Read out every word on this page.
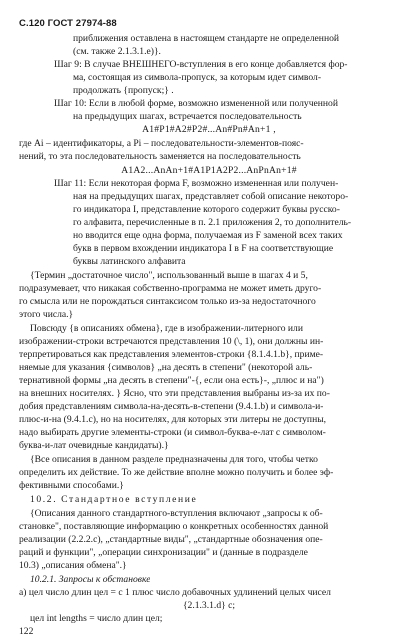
С.120 ГОСТ 27974-88
приближения оставлена в настоящем стандарте не определенной
(см. также 2.1.3.1.e)}.
Шаг 9: В случае ВНЕШНЕГО-вступления в его конце добавляется фор-
ма, состоящая из символа-пропуск, за которым идет символ-
продолжать {пропуск;} .
Шаг 10: Если в любой форме, возможно измененной или полученной
на предыдущих шагах, встречается последовательность
A1#P1#A2#P2#...An#Pn#An+1 ,
где Ai – идентификаторы, а Pi – последовательности-элементов-пояс-
нений, то эта последовательность заменяется на последовательность
A1A2...AnAn+1#A1P1A2P2...AnPnAn+1#
Шаг 11: Если некоторая форма F, возможно измененная или получен-
ная на предыдущих шагах, представляет собой описание некоторо-
го индикатора I, представление которого содержит буквы русско-
го алфавита, перечисленные в п. 2.1 приложения 2, то дополнитель-
но вводится еще одна форма, получаемая из F заменой всех таких
букв в первом вхождении индикатора I в F на соответствующие
буквы латинского алфавита
{Термин „достаточное число", использованный выше в шагах 4 и 5,
подразумевает, что никакая собственно-программа не может иметь друго-
го смысла или не порождаться синтаксисом только из-за недостаточного
этого числа.}
Повсюду {в описаниях обмена}, где в изображении-литерного или
изображении-строки встречаются представления 10 (\, 1), они должны ин-
терпретироваться как представления элементов-строки {8.1.4.1.b}, приме-
няемые для указания {символов} „на десять в степени" (некоторой аль-
тернативной формы „на десять в степени"-{, если она есть}-, „плюс и на")
на внешних носителях. } Ясно, что эти представления выбраны из-за их по-
добия представлениям символа-на-десять-в-степени (9.4.1.b) и символа-и-
плюс-и-на (9.4.1.c), но на носителях, для которых эти литеры не доступны,
надо выбирать другие элементы-строки (и символ-буква-е-лат с символом-
буква-и-лат очевидные кандидаты).}
{Все описания в данном разделе предназначены для того, чтобы четко
определить их действие. То же действие вполне можно получить и более эф-
фективными способами.}
10.2. Стандартное вступление
{Описания данного стандартного-вступления включают „запросы к об-
становке", поставляющие информацию о конкретных особенностях данной
реализации (2.2.2.c), „стандартные виды", „стандартные обозначения опе-
раций и функции", „операции синхронизации" и (данные в подразделе
10.3) „описания обмена".}
10.2.1. Запросы к обстановке
a) цел число длин цел = с 1 плюс число добавочных удлинений целых чисел
{2.1.3.1.d} с;
цел int lengths = число длин цел;
122
